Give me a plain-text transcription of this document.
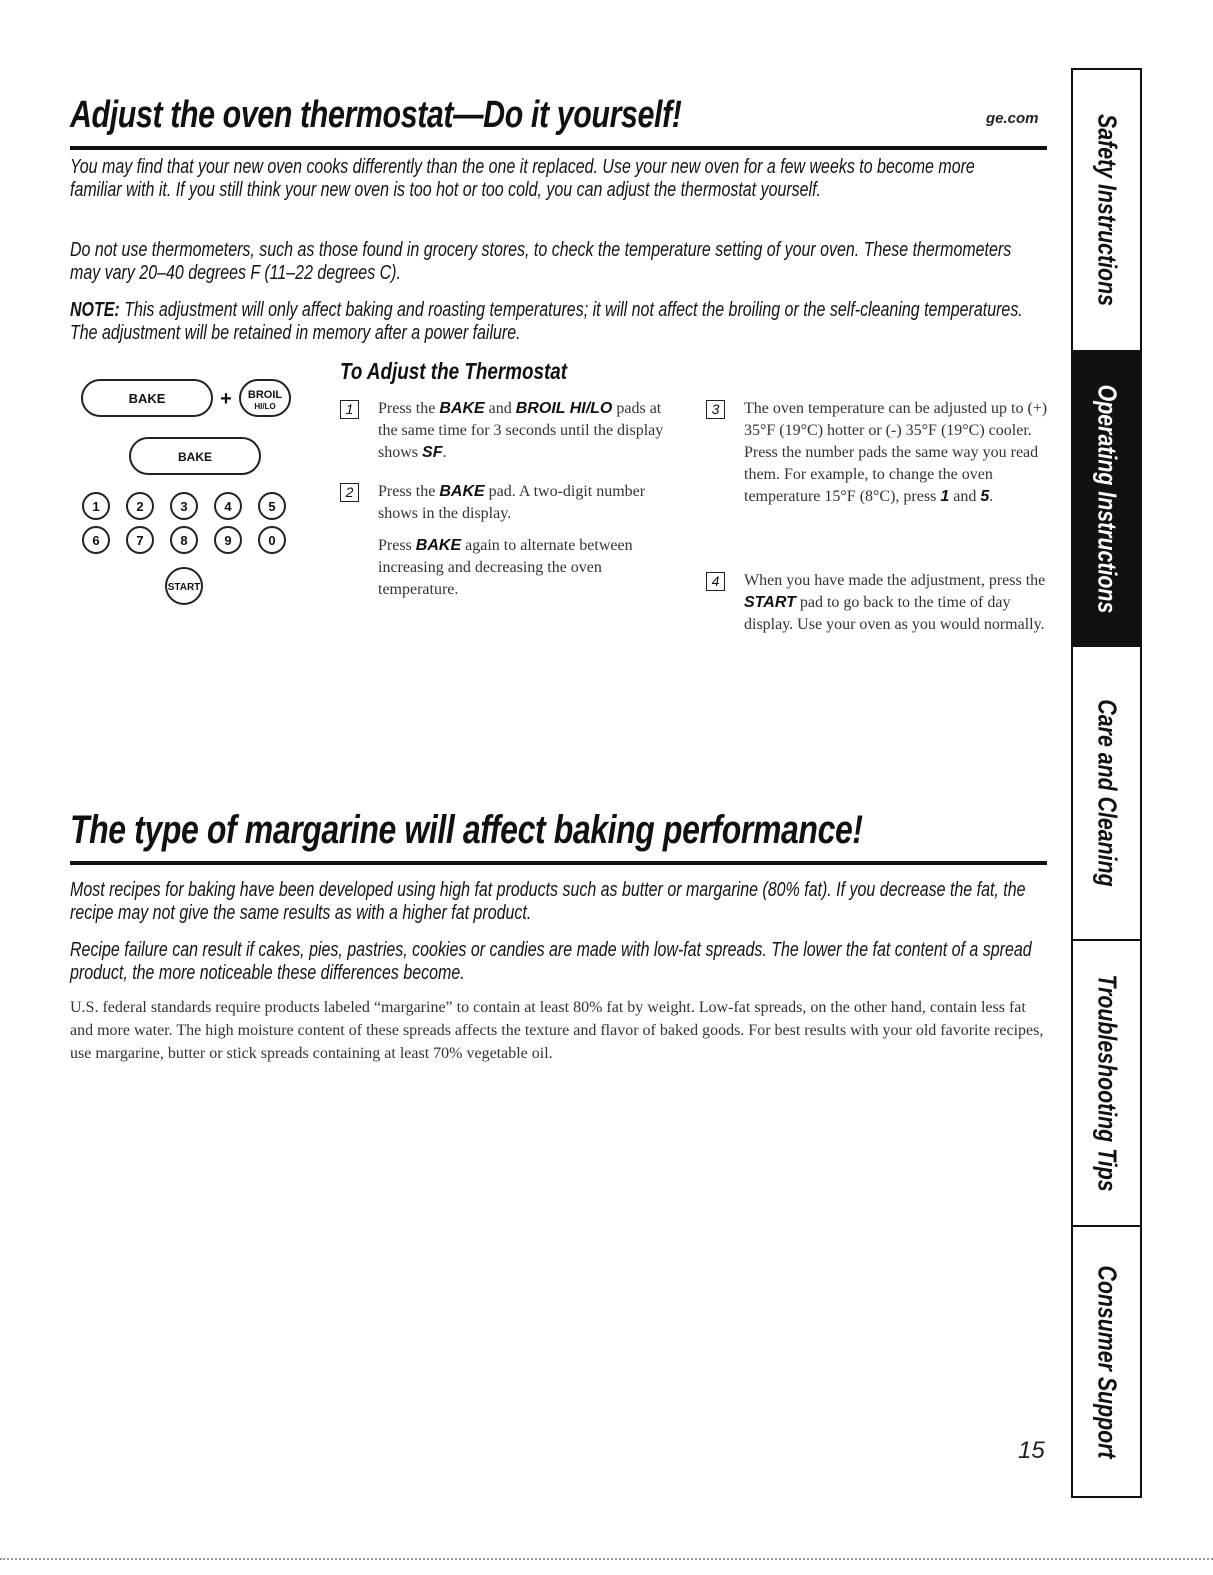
Adjust the oven thermostat—Do it yourself!	ge.com
You may find that your new oven cooks differently than the one it replaced. Use your new oven for a few weeks to become more familiar with it. If you still think your new oven is too hot or too cold, you can adjust the thermostat yourself.
Do not use thermometers, such as those found in grocery stores, to check the temperature setting of your oven. These thermometers may vary 20–40 degrees F (11–22 degrees C).
NOTE: This adjustment will only affect baking and roasting temperatures; it will not affect the broiling or the self-cleaning temperatures. The adjustment will be retained in memory after a power failure.
BAKE	+ BROIL
HI/LO
BAKE
1	2	3	4	5
6	7	8	9	0
START
To Adjust the Thermostat
1	Press the BAKE and BROIL HI/LO pads at the same time for 3 seconds until the display shows SF.
2	Press the BAKE pad. A two-digit number shows in the display.
Press BAKE again to alternate between increasing and decreasing the oven temperature.
3	The oven temperature can be adjusted up to (+) 35°F (19°C) hotter or (-) 35°F (19°C) cooler. Press the number pads the same way you read them. For example, to change the oven temperature 15°F (8°C), press 1 and 5.
4	When you have made the adjustment, press the START pad to go back to the time of day display. Use your oven as you would normally.
The type of margarine will affect baking performance!
Most recipes for baking have been developed using high fat products such as butter or margarine (80% fat). If you decrease the fat, the recipe may not give the same results as with a higher fat product.
Recipe failure can result if cakes, pies, pastries, cookies or candies are made with low-fat spreads. The lower the fat content of a spread product, the more noticeable these differences become.
U.S. federal standards require products labeled “margarine” to contain at least 80% fat by weight. Low-fat spreads, on the other hand, contain less fat and more water. The high moisture content of these spreads affects the texture and flavor of baked goods. For best results with your old favorite recipes, use margarine, butter or stick spreads containing at least 70% vegetable oil.
15
Safety Instructions
Operating Instructions
Care and Cleaning
Troubleshooting Tips
Consumer Support
